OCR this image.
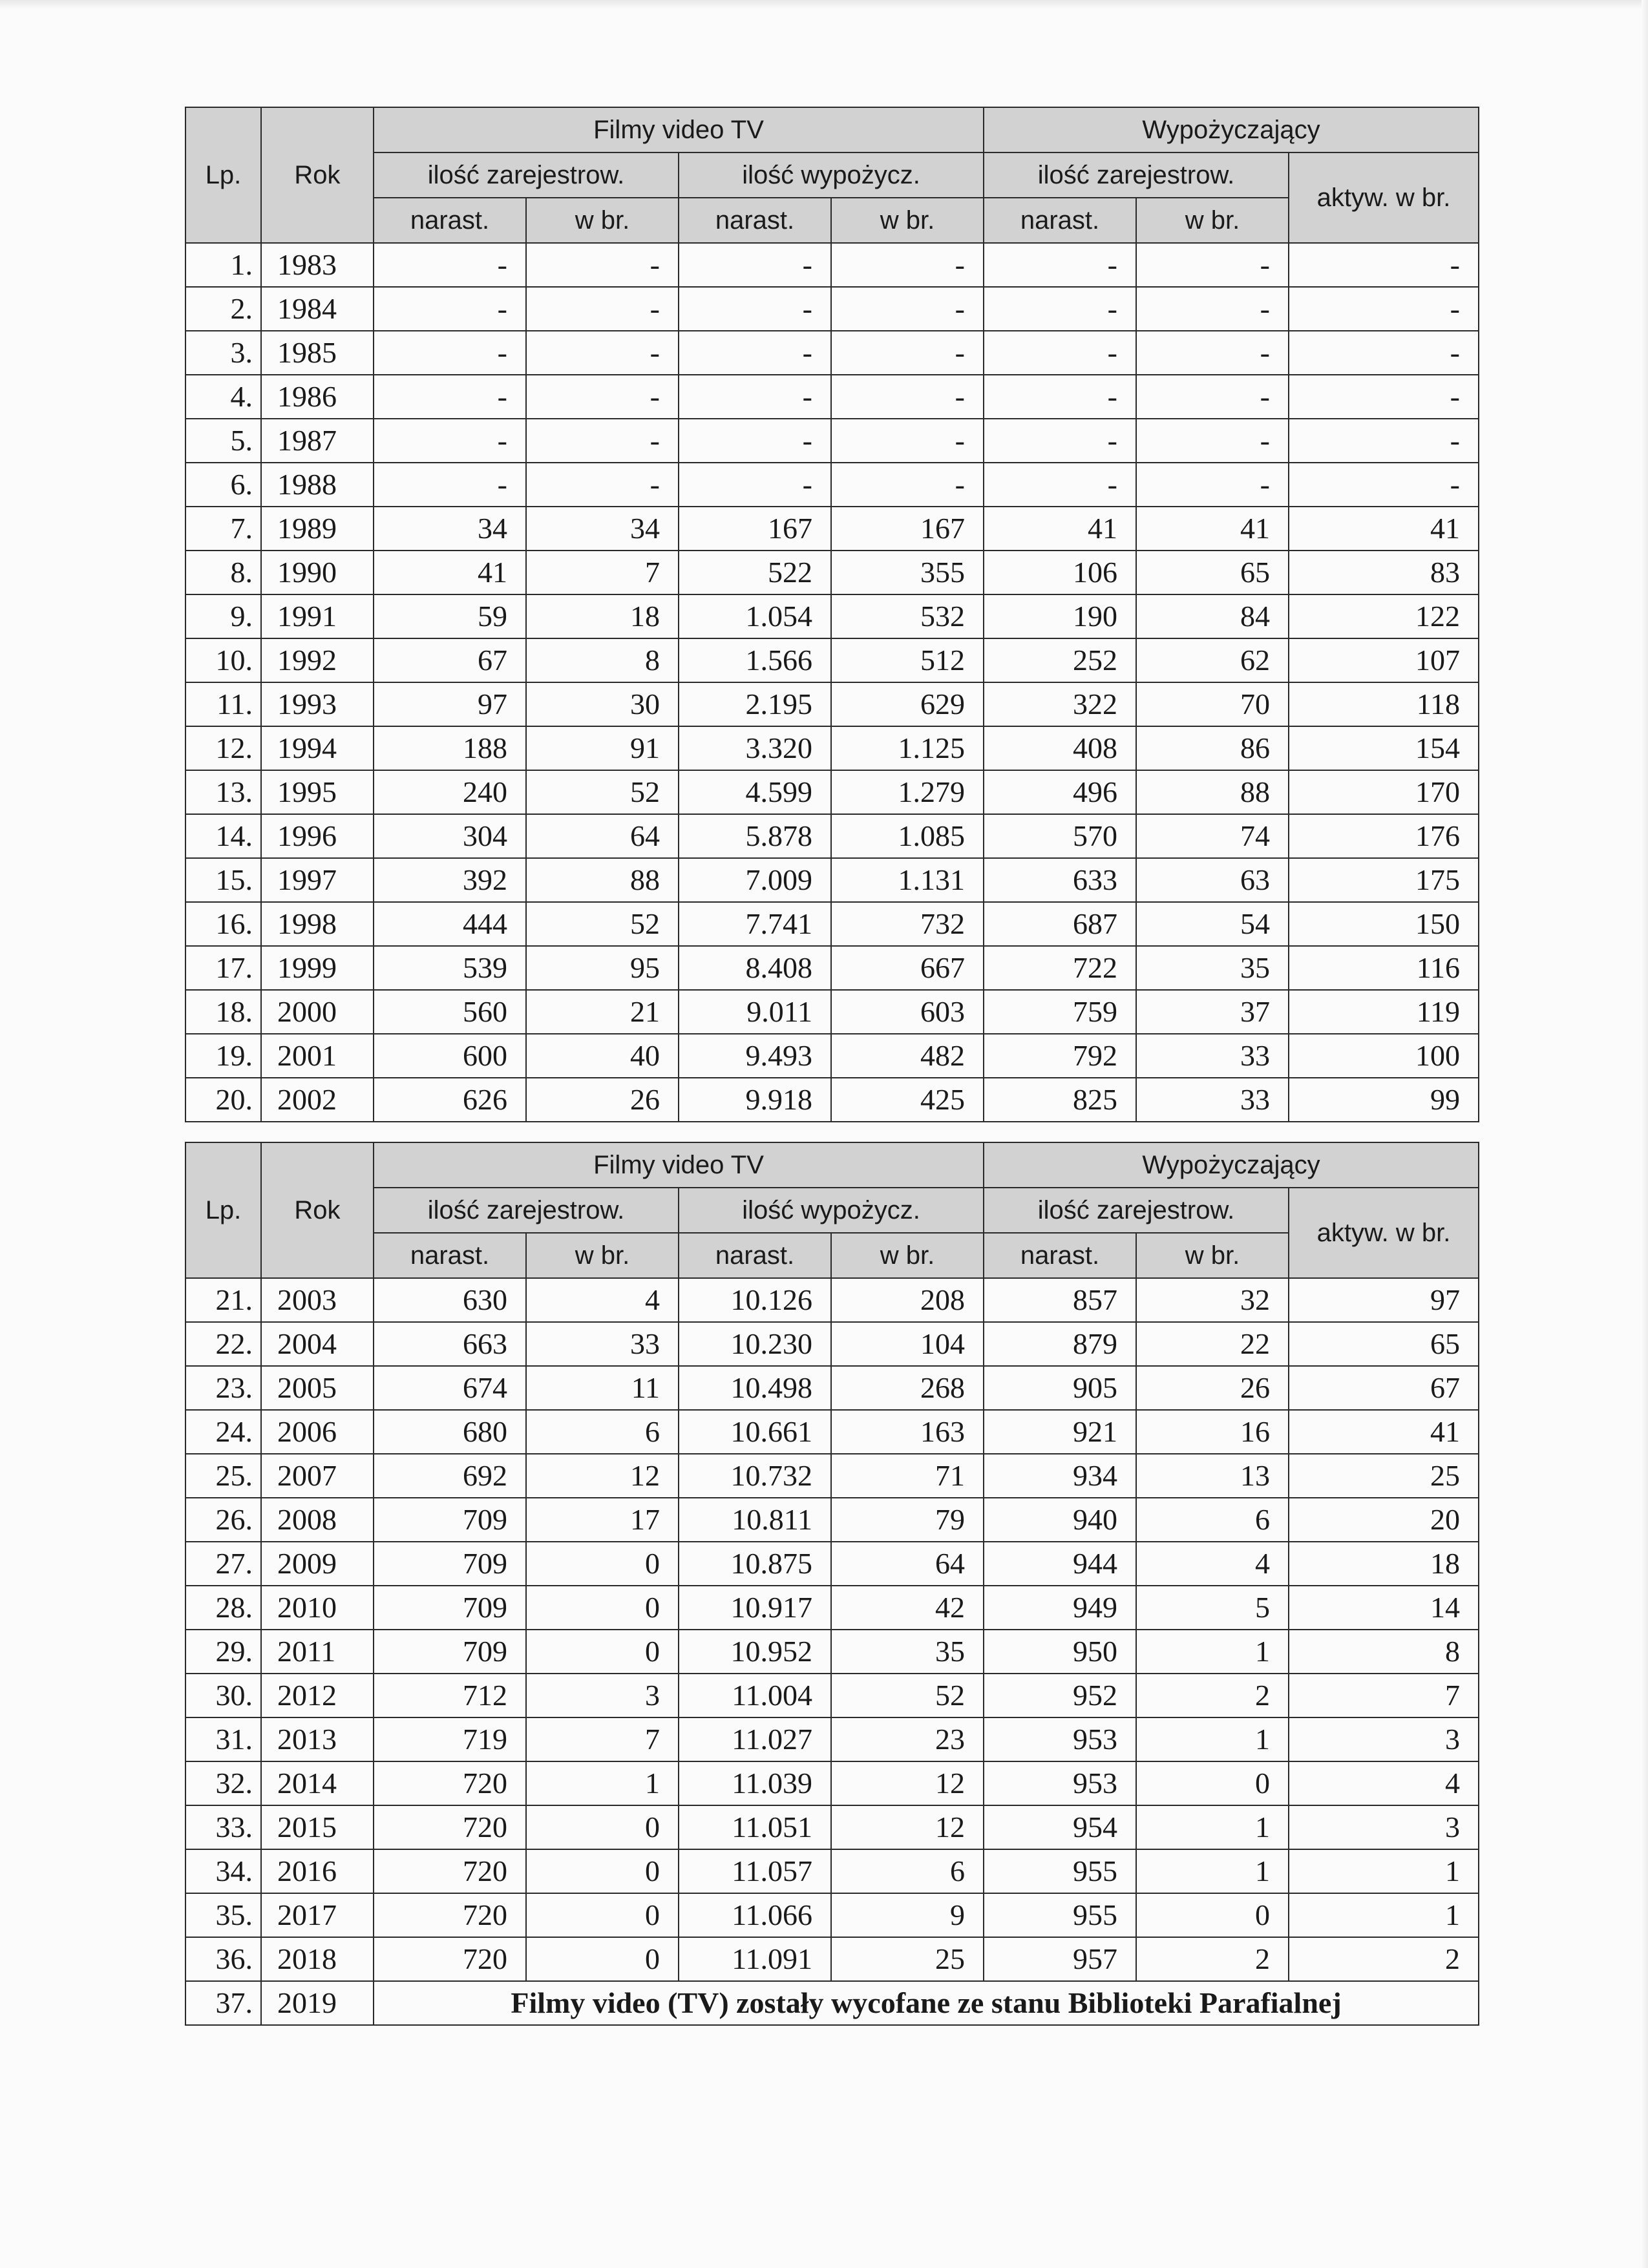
Lp.	Rok	Filmy video TV				Wypożyczający		
		ilość zarejestrow.		ilość wypożycz.		ilość zarejestrow.		aktyw. w br.
		narast.	w br.	narast.	w br.	narast.	w br.	
1.	1983	-	-	-	-	-	-	-
2.	1984	-	-	-	-	-	-	-
3.	1985	-	-	-	-	-	-	-
4.	1986	-	-	-	-	-	-	-
5.	1987	-	-	-	-	-	-	-
6.	1988	-	-	-	-	-	-	-
7.	1989	34	34	167	167	41	41	41
8.	1990	41	7	522	355	106	65	83
9.	1991	59	18	1.054	532	190	84	122
10.	1992	67	8	1.566	512	252	62	107
11.	1993	97	30	2.195	629	322	70	118
12.	1994	188	91	3.320	1.125	408	86	154
13.	1995	240	52	4.599	1.279	496	88	170
14.	1996	304	64	5.878	1.085	570	74	176
15.	1997	392	88	7.009	1.131	633	63	175
16.	1998	444	52	7.741	732	687	54	150
17.	1999	539	95	8.408	667	722	35	116
18.	2000	560	21	9.011	603	759	37	119
19.	2001	600	40	9.493	482	792	33	100
20.	2002	626	26	9.918	425	825	33	99
Lp.	Rok	Filmy video TV				Wypożyczający		
		ilość zarejestrow.		ilość wypożycz.		ilość zarejestrow.		aktyw. w br.
		narast.	w br.	narast.	w br.	narast.	w br.	
21.	2003	630	4	10.126	208	857	32	97
22.	2004	663	33	10.230	104	879	22	65
23.	2005	674	11	10.498	268	905	26	67
24.	2006	680	6	10.661	163	921	16	41
25.	2007	692	12	10.732	71	934	13	25
26.	2008	709	17	10.811	79	940	6	20
27.	2009	709	0	10.875	64	944	4	18
28.	2010	709	0	10.917	42	949	5	14
29.	2011	709	0	10.952	35	950	1	8
30.	2012	712	3	11.004	52	952	2	7
31.	2013	719	7	11.027	23	953	1	3
32.	2014	720	1	11.039	12	953	0	4
33.	2015	720	0	11.051	12	954	1	3
34.	2016	720	0	11.057	6	955	1	1
35.	2017	720	0	11.066	9	955	0	1
36.	2018	720	0	11.091	25	957	2	2
37.	2019	Filmy video (TV) zostały wycofane ze stanu Biblioteki Parafialnej						
